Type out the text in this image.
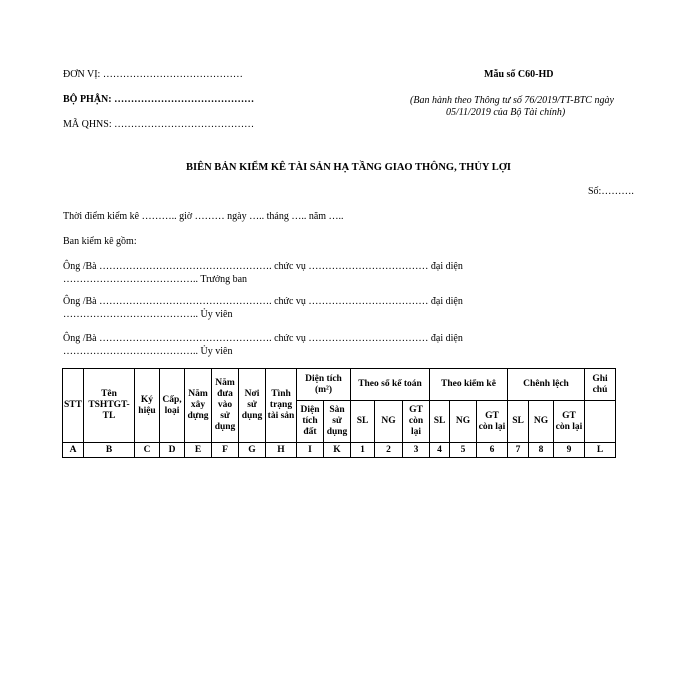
ĐƠN VỊ: ……………………………………
BỘ PHẬN: ……………………………………
MÃ QHNS: ……………………………………
Mẫu số C60-HD
(Ban hành theo Thông tư số 76/2019/TT-BTC ngày
05/11/2019 của Bộ Tài chính)
BIÊN BẢN KIỂM KÊ TÀI SẢN HẠ TẦNG GIAO THÔNG, THỦY LỢI
Số:……….
Thời điểm kiểm kê ……….. giờ ……… ngày ….. tháng ….. năm …..
Ban kiểm kê gồm:
Ông /Bà ……………………………………………. chức vụ ……………………………… đại diện
………………………………….. Trưởng ban
Ông /Bà ……………………………………………. chức vụ ……………………………… đại diện
………………………………….. Ủy viên
Ông /Bà ……………………………………………. chức vụ ……………………………… đại diện
………………………………….. Ủy viên
STT	Tên TSHTGT-TL	Ký hiệu	Cấp, loại	Năm xây dựng	Năm đưa vào sử dụng	Nơi sử dụng	Tình trạng tài sản	Diện tích (m²)		Theo sổ kế toán			Theo kiểm kê			Chênh lệch			Ghi chú
								Diện tích đất	Sàn sử dụng	SL	NG	GT còn lại	SL	NG	GT còn lại	SL	NG	GT còn lại	
A	B	C	D	E	F	G	H	I	K	1	2	3	4	5	6	7	8	9	L
